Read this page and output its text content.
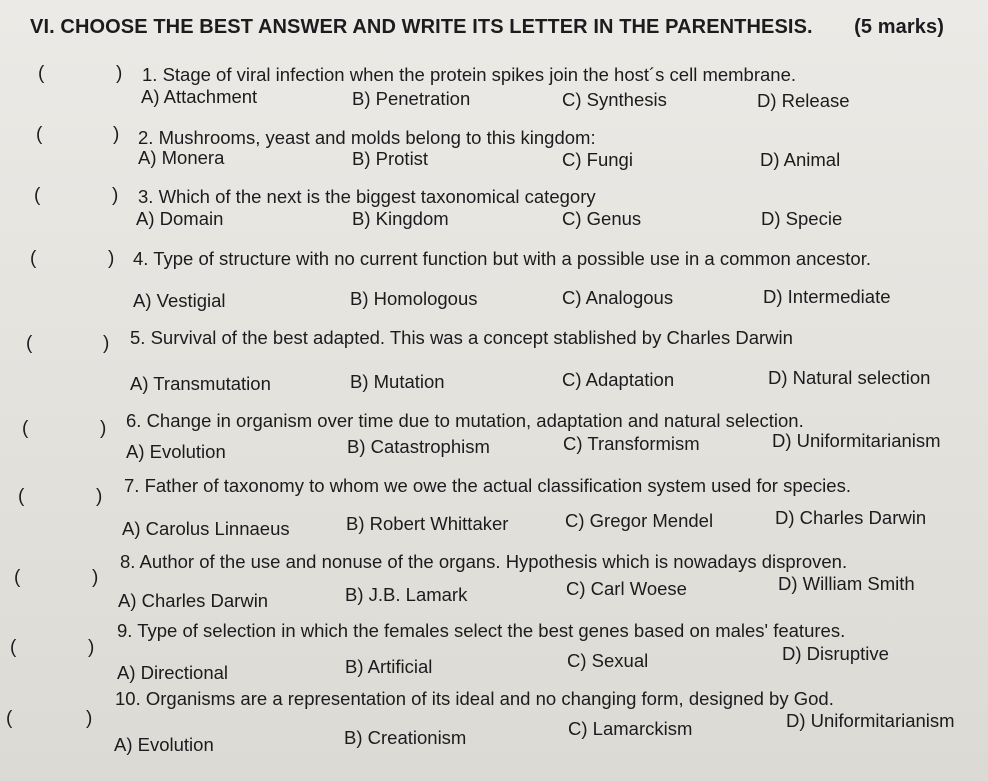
VI. CHOOSE THE BEST ANSWER AND WRITE ITS LETTER IN THE PARENTHESIS. (5 marks)
(	) 1. Stage of viral infection when the protein spikes join the host´s cell membrane.
A) Attachment	B) Penetration	C) Synthesis	D) Release
(	) 2. Mushrooms, yeast and molds belong to this kingdom:
A) Monera	B) Protist	C) Fungi	D) Animal
(	) 3. Which of the next is the biggest taxonomical category
A) Domain	B) Kingdom	C) Genus	D) Specie
(	) 4. Type of structure with no current function but with a possible use in a common ancestor.
A) Vestigial	B) Homologous	C) Analogous	D) Intermediate
(	) 5. Survival of the best adapted. This was a concept stablished by Charles Darwin
A) Transmutation	B) Mutation	C) Adaptation	D) Natural selection
(	) 6. Change in organism over time due to mutation, adaptation and natural selection.
A) Evolution	B) Catastrophism	C) Transformism	D) Uniformitarianism
(	)
7. Father of taxonomy to whom we owe the actual classification system used for species.
A) Carolus Linnaeus	B) Robert Whittaker	C) Gregor Mendel	D) Charles Darwin
(	)
8. Author of the use and nonuse of the organs. Hypothesis which is nowadays disproven.
A) Charles Darwin	B) J.B. Lamark	C) Carl Woese	D) William Smith
(	)
9. Type of selection in which the females select the best genes based on males' features.
A) Directional	B) Artificial	C) Sexual	D) Disruptive
(	)
10. Organisms are a representation of its ideal and no changing form, designed by God.
A) Evolution	B) Creationism	C) Lamarckism	D) Uniformitarianism
